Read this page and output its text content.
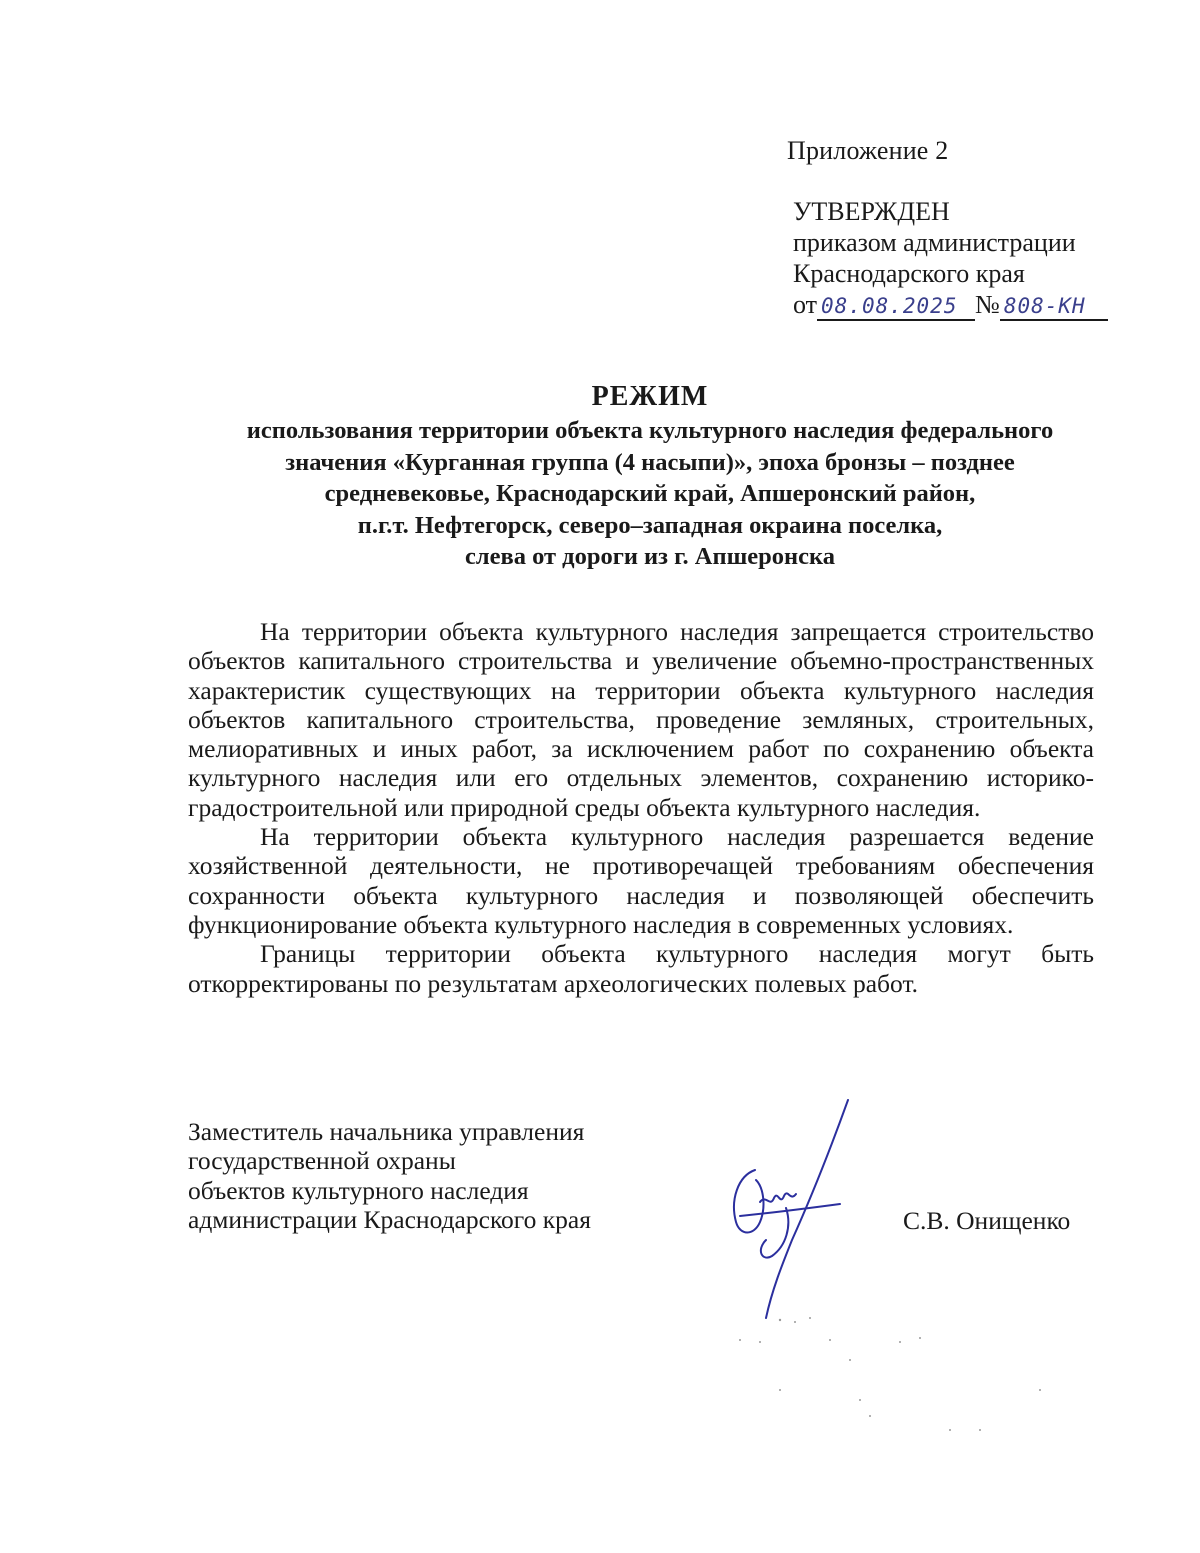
Приложение 2
УТВЕРЖДЕН
приказом администрации
Краснодарского края
от 08.08.2025 № 808-КН
РЕЖИМ
использования территории объекта культурного наследия федерального
значения «Курганная группа (4 насыпи)», эпоха бронзы – позднее
средневековье, Краснодарский край, Апшеронский район,
п.г.т. Нефтегорск, северо–западная окраина поселка,
слева от дороги из г. Апшеронска

На территории объекта культурного наследия запрещается строительство объектов капитального строительства и увеличение объемно-пространственных характеристик существующих на территории объекта культурного наследия объектов капитального строительства, проведение земляных, строительных, мелиоративных и иных работ, за исключением работ по сохранению объекта культурного наследия или его отдельных элементов, сохранению историко-градостроительной или природной среды объекта культурного наследия.

На территории объекта культурного наследия разрешается ведение хозяйственной деятельности, не противоречащей требованиям обеспечения сохранности объекта культурного наследия и позволяющей обеспечить функционирование объекта культурного наследия в современных условиях.

Границы территории объекта культурного наследия могут быть откорректированы по результатам археологических полевых работ.

Заместитель начальника управления
государственной охраны
объектов культурного наследия
администрации Краснодарского края	С.В. Онищенко
